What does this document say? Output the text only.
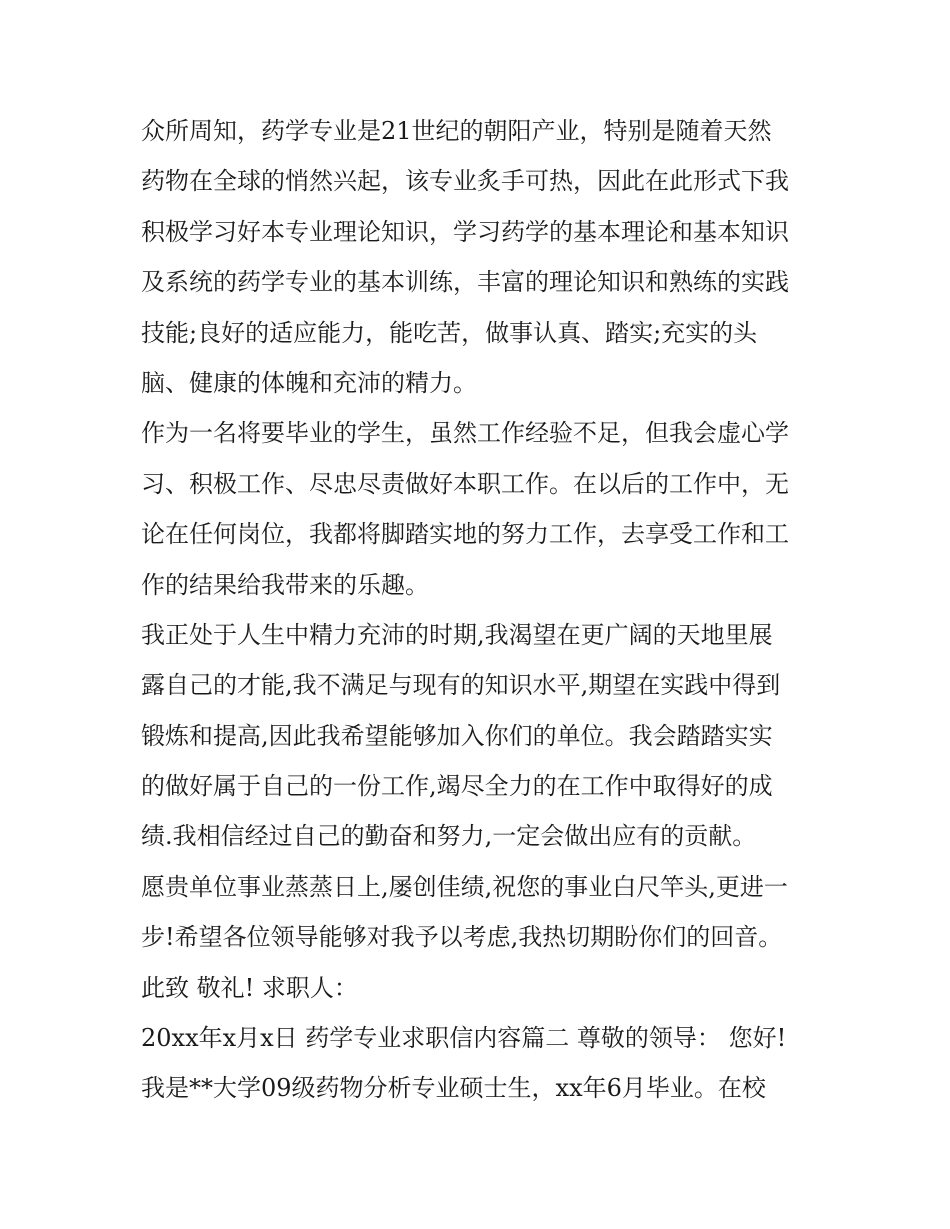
众所周知，药学专业是21世纪的朝阳产业，特别是随着天然
药物在全球的悄然兴起，该专业炙手可热，因此在此形式下我
积极学习好本专业理论知识，学习药学的基本理论和基本知识
及系统的药学专业的基本训练，丰富的理论知识和熟练的实践
技能;良好的适应能力，能吃苦，做事认真、踏实;充实的头
脑、健康的体魄和充沛的精力。
作为一名将要毕业的学生，虽然工作经验不足，但我会虚心学
习、积极工作、尽忠尽责做好本职工作。在以后的工作中，无
论在任何岗位，我都将脚踏实地的努力工作，去享受工作和工
作的结果给我带来的乐趣。
我正处于人生中精力充沛的时期,我渴望在更广阔的天地里展
露自己的才能,我不满足与现有的知识水平,期望在实践中得到
锻炼和提高,因此我希望能够加入你们的单位。我会踏踏实实
的做好属于自己的一份工作,竭尽全力的在工作中取得好的成
绩.我相信经过自己的勤奋和努力,一定会做出应有的贡献。
愿贵单位事业蒸蒸日上,屡创佳绩,祝您的事业白尺竿头,更进一
步!希望各位领导能够对我予以考虑,我热切期盼你们的回音。
此致 敬礼! 求职人：
20xx年x月x日 药学专业求职信内容篇二 尊敬的领导： 您好!
我是**大学09级药物分析专业硕士生，xx年6月毕业。在校
